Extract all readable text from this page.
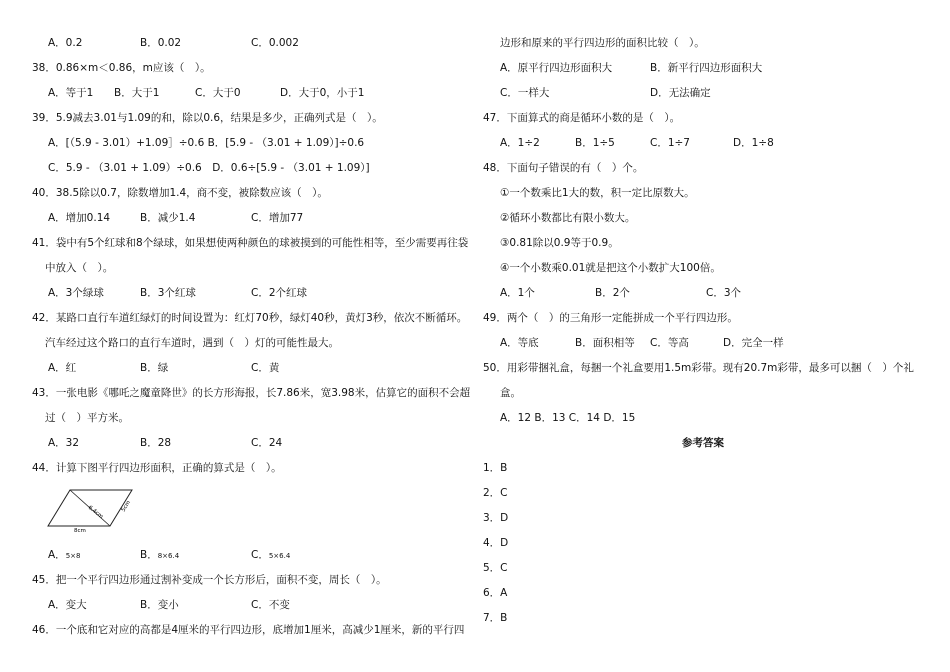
A．0.2	B．0.02	C．0.002
38．0.86×m＜0.86，m应该（　）。
A．等于1 B．大于1	C．大于0	D．大于0，小于1
39．5.9减去3.01与1.09的和，除以0.6，结果是多少，正确列式是（　）。
A．[（5.9 - 3.01）+1.09］÷0.6 B．[5.9 - （3.01 + 1.09）]÷0.6
C．5.9 - （3.01 + 1.09）÷0.6　D．0.6÷[5.9 - （3.01 + 1.09）]
40．38.5除以0.7，除数增加1.4，商不变，被除数应该（　）。
A．增加0.14	B．减少1.4	C．增加77
41．袋中有5个红球和8个绿球，如果想使两种颜色的球被摸到的可能性相等，至少需要再往袋
中放入（　）。
A．3个绿球	B．3个红球	C．2个红球
42．某路口直行车道红绿灯的时间设置为：红灯70秒，绿灯40秒，黄灯3秒，依次不断循环。
汽车经过这个路口的直行车道时，遇到（　）灯的可能性最大。
A．红	B．绿	C．黄
43．一张电影《哪吒之魔童降世》的长方形海报，长7.86米，宽3.98米，估算它的面积不会超
过（　）平方米。
A．32	B．28	C．24
44．计算下图平行四边形面积，正确的算式是（　）。
6.4cm	5cm
8cm
A．5×8	B．8×6.4	C．5×6.4
45．把一个平行四边形通过割补变成一个长方形后，面积不变，周长（　）。
A．变大	B．变小	C．不变
46．一个底和它对应的高都是4厘米的平行四边形，底增加1厘米，高减少1厘米，新的平行四
边形和原来的平行四边形的面积比较（　）。
A．原平行四边形面积大	B．新平行四边形面积大
C．一样大	D．无法确定
47．下面算式的商是循环小数的是（　）。
A．1÷2	B．1÷5	C．1÷7	D．1÷8
48．下面句子错误的有（　）个。
①一个数乘比1大的数，积一定比原数大。
②循环小数都比有限小数大。
③0.81除以0.9等于0.9。
④一个小数乘0.01就是把这个小数扩大100倍。
A．1个	B．2个	C．3个
49．两个（　）的三角形一定能拼成一个平行四边形。
A．等底	B．面积相等 C．等高	D．完全一样
50．用彩带捆礼盒，每捆一个礼盒要用1.5m彩带。现有20.7m彩带，最多可以捆（　）个礼
盒。
A．12 B．13 C．14 D．15
参考答案
1．B
2．C
3．D
4．D
5．C
6．A
7．B
